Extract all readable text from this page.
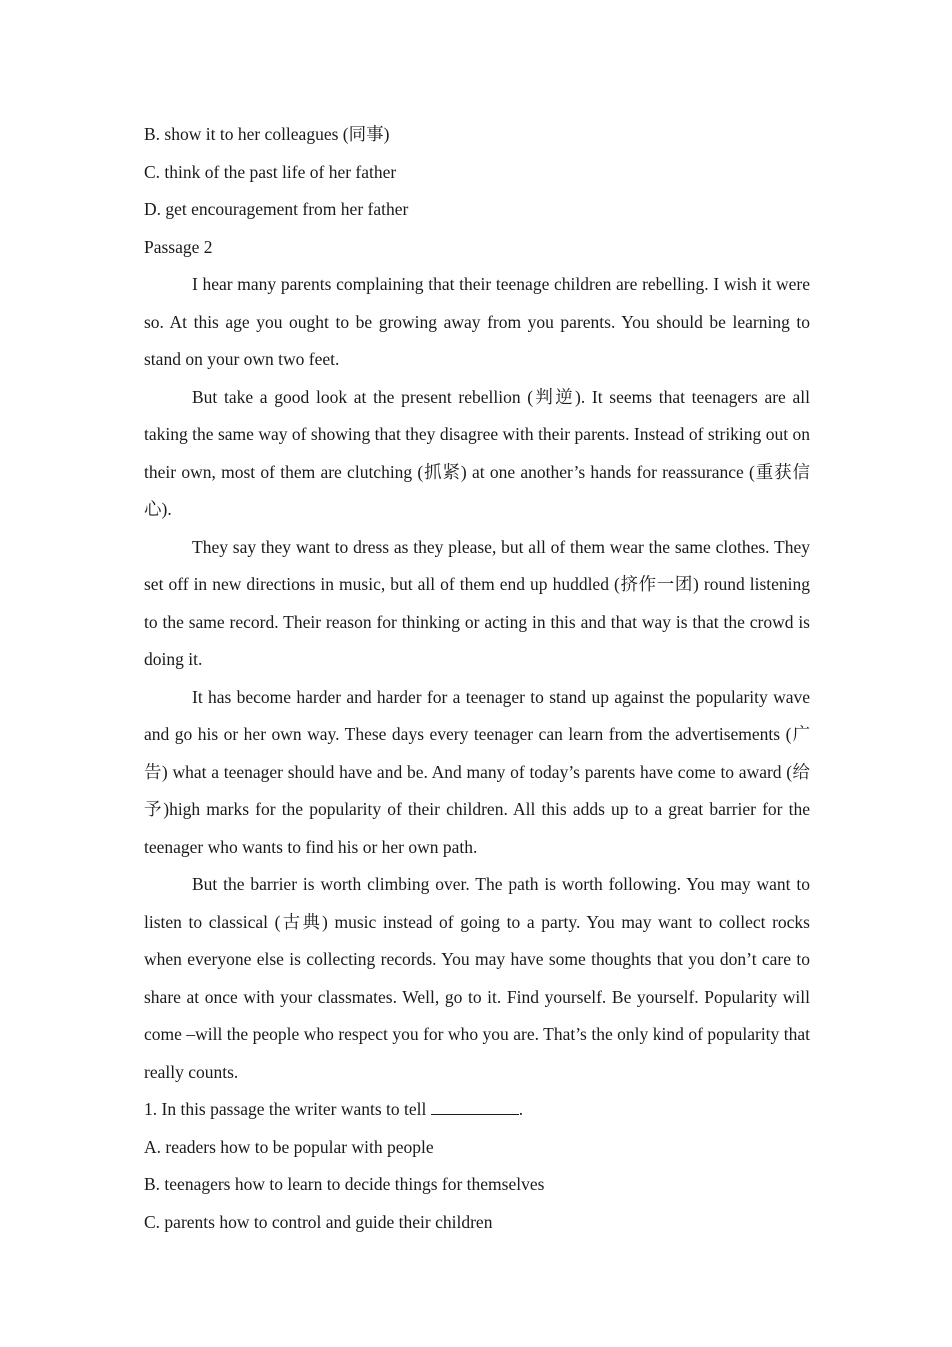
B. show it to her colleagues (同事)
C. think of the past life of her father
D. get encouragement from her father
Passage 2

I hear many parents complaining that their teenage children are rebelling. I wish it were so. At this age you ought to be growing away from you parents. You should be learning to stand on your own two feet.

But take a good look at the present rebellion (判逆). It seems that teenagers are all taking the same way of showing that they disagree with their parents. Instead of striking out on their own, most of them are clutching (抓紧) at one another’s hands for reassurance (重获信心).

They say they want to dress as they please, but all of them wear the same clothes. They set off in new directions in music, but all of them end up huddled (挤作一团) round listening to the same record. Their reason for thinking or acting in this and that way is that the crowd is doing it.

It has become harder and harder for a teenager to stand up against the popularity wave and go his or her own way. These days every teenager can learn from the advertisements (广告) what a teenager should have and be. And many of today’s parents have come to award (给予)high marks for the popularity of their children. All this adds up to a great barrier for the teenager who wants to find his or her own path.

But the barrier is worth climbing over. The path is worth following. You may want to listen to classical (古典) music instead of going to a party. You may want to collect rocks when everyone else is collecting records. You may have some thoughts that you don’t care to share at once with your classmates. Well, go to it. Find yourself. Be yourself. Popularity will come –will the people who respect you for who you are. That’s the only kind of popularity that really counts.

1. In this passage the writer wants to tell	.
A. readers how to be popular with people
B. teenagers how to learn to decide things for themselves
C. parents how to control and guide their children
